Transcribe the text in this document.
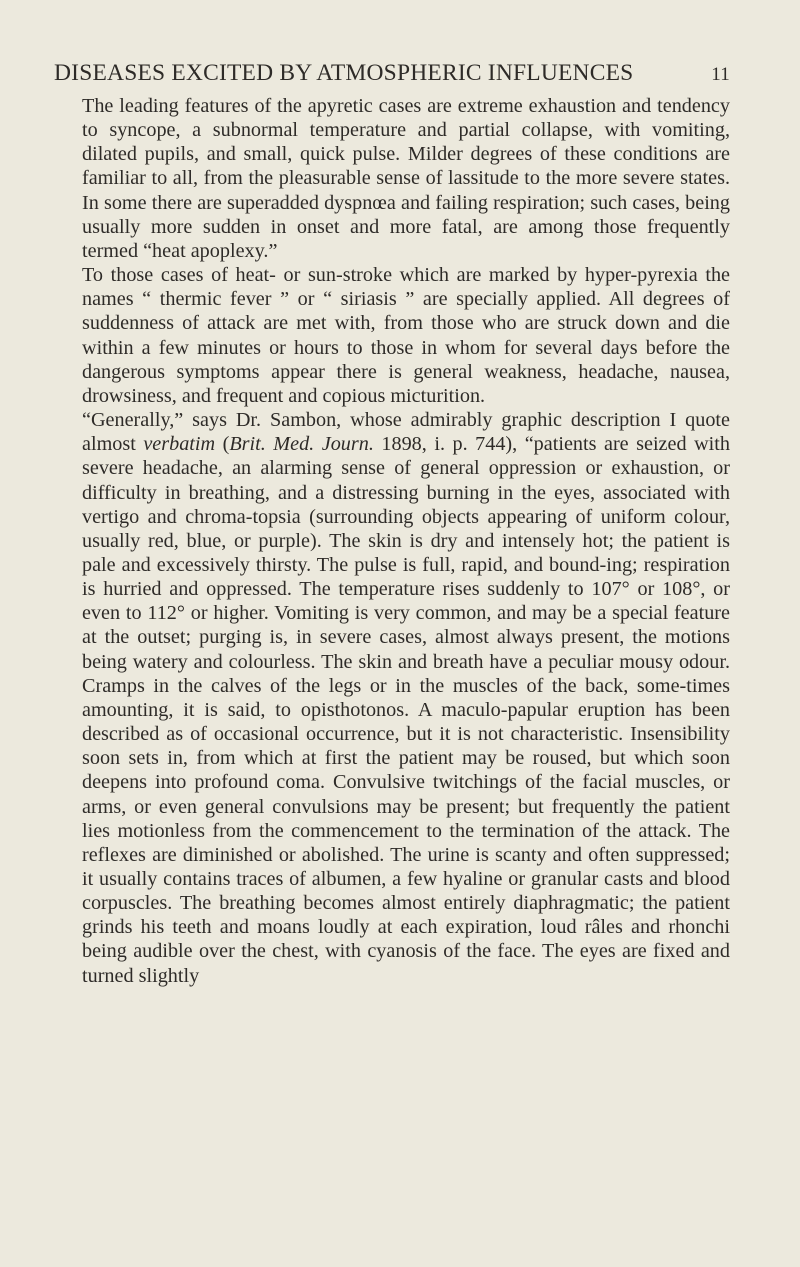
DISEASES EXCITED BY ATMOSPHERIC INFLUENCES	11

The leading features of the apyretic cases are extreme exhaustion and tendency to syncope, a subnormal temperature and partial collapse, with vomiting, dilated pupils, and small, quick pulse. Milder degrees of these conditions are familiar to all, from the pleasurable sense of lassitude to the more severe states. In some there are superadded dyspnœa and failing respiration; such cases, being usually more sudden in onset and more fatal, are among those frequently termed “heat apoplexy.”

To those cases of heat- or sun-stroke which are marked by hyper-pyrexia the names “ thermic fever ” or “ siriasis ” are specially applied. All degrees of suddenness of attack are met with, from those who are struck down and die within a few minutes or hours to those in whom for several days before the dangerous symptoms appear there is general weakness, headache, nausea, drowsiness, and frequent and copious micturition.

“Generally,” says Dr. Sambon, whose admirably graphic description I quote almost verbatim (Brit. Med. Journ. 1898, i. p. 744), “patients are seized with severe headache, an alarming sense of general oppression or exhaustion, or difficulty in breathing, and a distressing burning in the eyes, associated with vertigo and chroma-topsia (surrounding objects appearing of uniform colour, usually red, blue, or purple). The skin is dry and intensely hot; the patient is pale and excessively thirsty. The pulse is full, rapid, and bound-ing; respiration is hurried and oppressed. The temperature rises suddenly to 107° or 108°, or even to 112° or higher. Vomiting is very common, and may be a special feature at the outset; purging is, in severe cases, almost always present, the motions being watery and colourless. The skin and breath have a peculiar mousy odour. Cramps in the calves of the legs or in the muscles of the back, some-times amounting, it is said, to opisthotonos. A maculo-papular eruption has been described as of occasional occurrence, but it is not characteristic. Insensibility soon sets in, from which at first the patient may be roused, but which soon deepens into profound coma. Convulsive twitchings of the facial muscles, or arms, or even general convulsions may be present; but frequently the patient lies motionless from the commencement to the termination of the attack. The reflexes are diminished or abolished. The urine is scanty and often suppressed; it usually contains traces of albumen, a few hyaline or granular casts and blood corpuscles. The breathing becomes almost entirely diaphragmatic; the patient grinds his teeth and moans loudly at each expiration, loud râles and rhonchi being audible over the chest, with cyanosis of the face. The eyes are fixed and turned slightly
